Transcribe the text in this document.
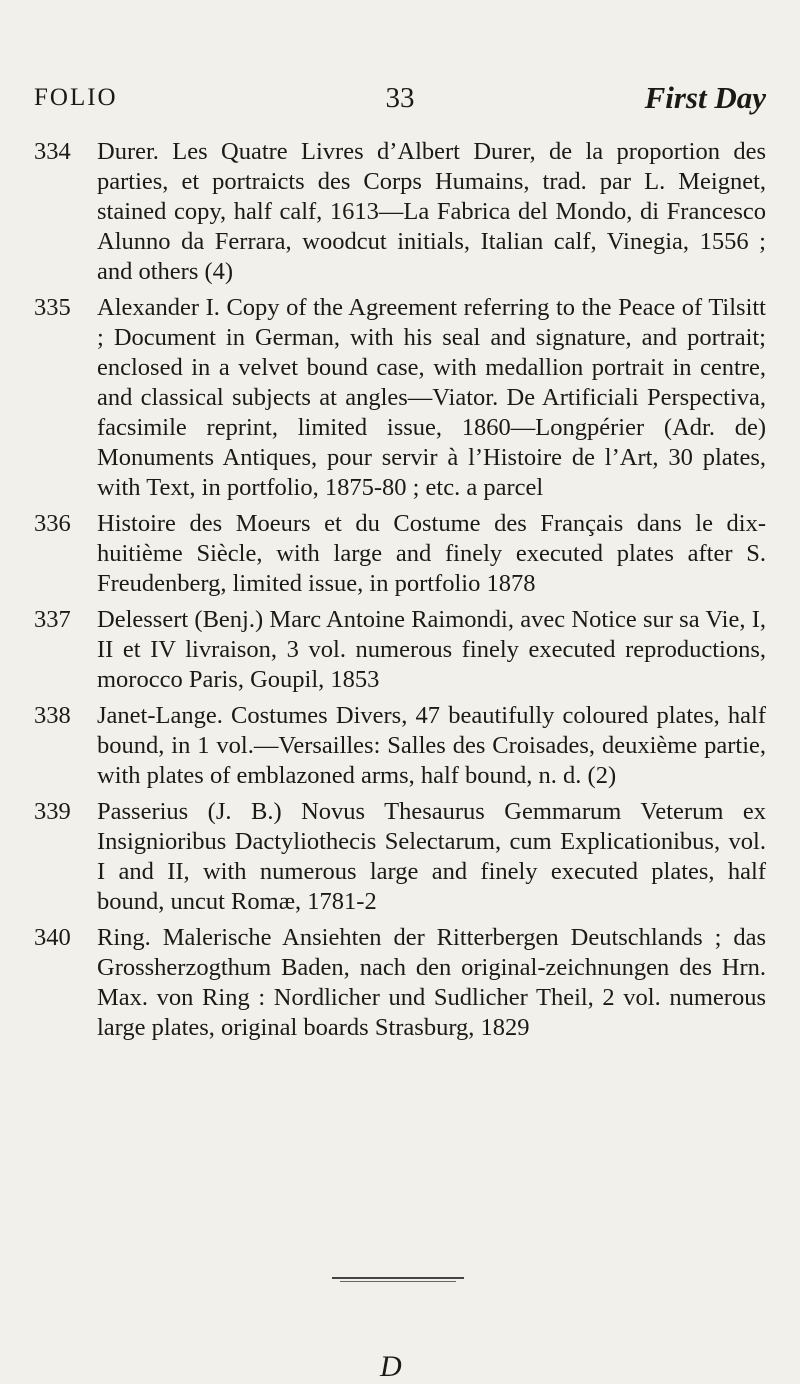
FOLIO	33	First Day
334 Durer. Les Quatre Livres d’Albert Durer, de la proportion des parties, et portraicts des Corps Humains, trad. par L. Meignet, stained copy, half calf, 1613—La Fabrica del Mondo, di Francesco Alunno da Ferrara, woodcut initials, Italian calf, Vinegia, 1556 ; and others (4)
335 Alexander I. Copy of the Agreement referring to the Peace of Tilsitt ; Document in German, with his seal and signature, and portrait; enclosed in a velvet bound case, with medallion portrait in centre, and classical subjects at angles—Viator. De Artificiali Perspectiva, facsimile reprint, limited issue, 1860—Longpérier (Adr. de) Monuments Antiques, pour servir à l’Histoire de l’Art, 30 plates, with Text, in portfolio, 1875-80 ; etc. a parcel
336 Histoire des Moeurs et du Costume des Français dans le dix-huitième Siècle, with large and finely executed plates after S. Freudenberg, limited issue, in portfolio 1878
337 Delessert (Benj.) Marc Antoine Raimondi, avec Notice sur sa Vie, I, II et IV livraison, 3 vol. numerous finely executed reproductions, morocco Paris, Goupil, 1853
338 Janet-Lange. Costumes Divers, 47 beautifully coloured plates, half bound, in 1 vol.—Versailles: Salles des Croisades, deuxième partie, with plates of emblazoned arms, half bound, n. d. (2)
339 Passerius (J. B.) Novus Thesaurus Gemmarum Veterum ex Insignioribus Dactyliothecis Selectarum, cum Explicationibus, vol. I and II, with numerous large and finely executed plates, half bound, uncut Romæ, 1781-2
340 Ring. Malerische Ansiehten der Ritterbergen Deutschlands ; das Grossherzogthum Baden, nach den original-zeichnungen des Hrn. Max. von Ring : Nordlicher und Sudlicher Theil, 2 vol. numerous large plates, original boards Strasburg, 1829
D
